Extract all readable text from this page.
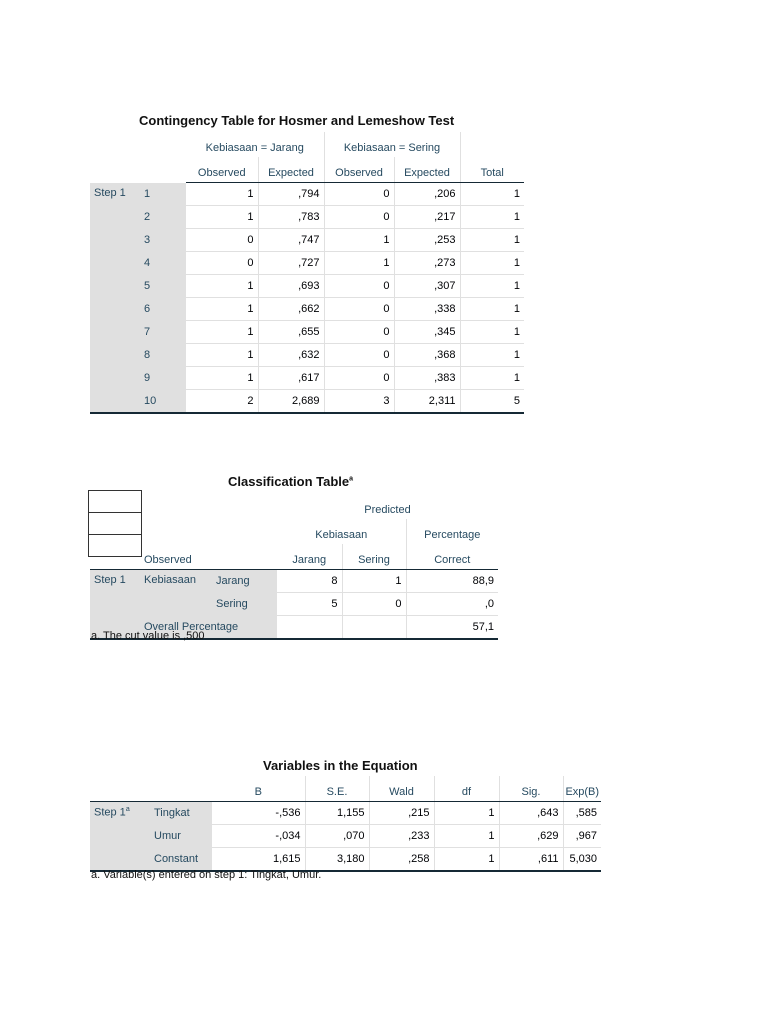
Contingency Table for Hosmer and Lemeshow Test
		Kebiasaan = Jarang		Kebiasaan = Sering		
		Observed	Expected	Observed	Expected	Total
Step 1	1	1	,794	0	,206	1
	2	1	,783	0	,217	1
	3	0	,747	1	,253	1
	4	0	,727	1	,273	1
	5	1	,693	0	,307	1
	6	1	,662	0	,338	1
	7	1	,655	0	,345	1
	8	1	,632	0	,368	1
	9	1	,617	0	,383	1
	10	2	2,689	3	2,311	5
Classification Table$^a$
			Predicted		
			Kebiasaan		Percentage
	Observed		Jarang	Sering	Correct
Step 1	Kebiasaan	Jarang	8	1	88,9
		Sering	5	0	,0
	Overall Percentage				57,1
a. The cut value is ,500
Variables in the Equation
		B	S.E.	Wald	df	Sig.	Exp(B)
Step 1$^a$	Tingkat	-,536	1,155	,215	1	,643	,585
	Umur	-,034	,070	,233	1	,629	,967
	Constant	1,615	3,180	,258	1	,611	5,030
a. Variable(s) entered on step 1: Tingkat, Umur.
